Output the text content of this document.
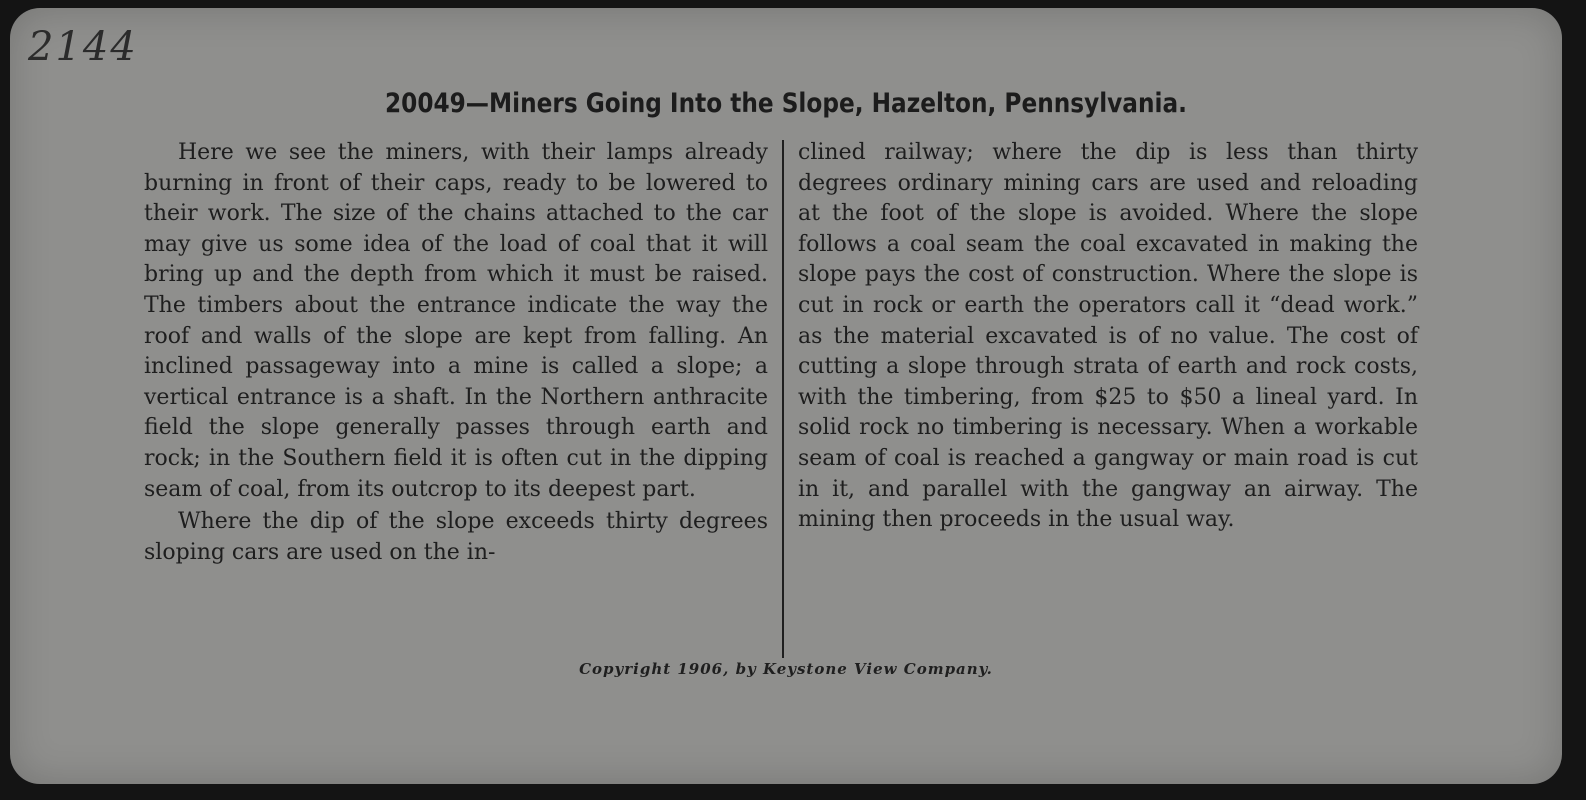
2144
20049—Miners Going Into the Slope, Hazelton, Pennsylvania.

Here we see the miners, with their lamps already burning in front of their caps, ready to be lowered to their work. The size of the chains attached to the car may give us some idea of the load of coal that it will bring up and the depth from which it must be raised. The timbers about the entrance indicate the way the roof and walls of the slope are kept from falling. An inclined passageway into a mine is called a slope; a vertical entrance is a shaft. In the Northern anthracite field the slope generally passes through earth and rock; in the Southern field it is often cut in the dipping seam of coal, from its outcrop to its deepest part.

Where the dip of the slope exceeds thirty degrees sloping cars are used on the in-

clined railway; where the dip is less than thirty degrees ordinary mining cars are used and reloading at the foot of the slope is avoided. Where the slope follows a coal seam the coal excavated in making the slope pays the cost of construction. Where the slope is cut in rock or earth the operators call it “dead work.” as the material excavated is of no value. The cost of cutting a slope through strata of earth and rock costs, with the timbering, from $25 to $50 a lineal yard. In solid rock no timbering is necessary. When a workable seam of coal is reached a gangway or main road is cut in it, and parallel with the gangway an airway. The mining then proceeds in the usual way.

Copyright 1906, by Keystone View Company.
